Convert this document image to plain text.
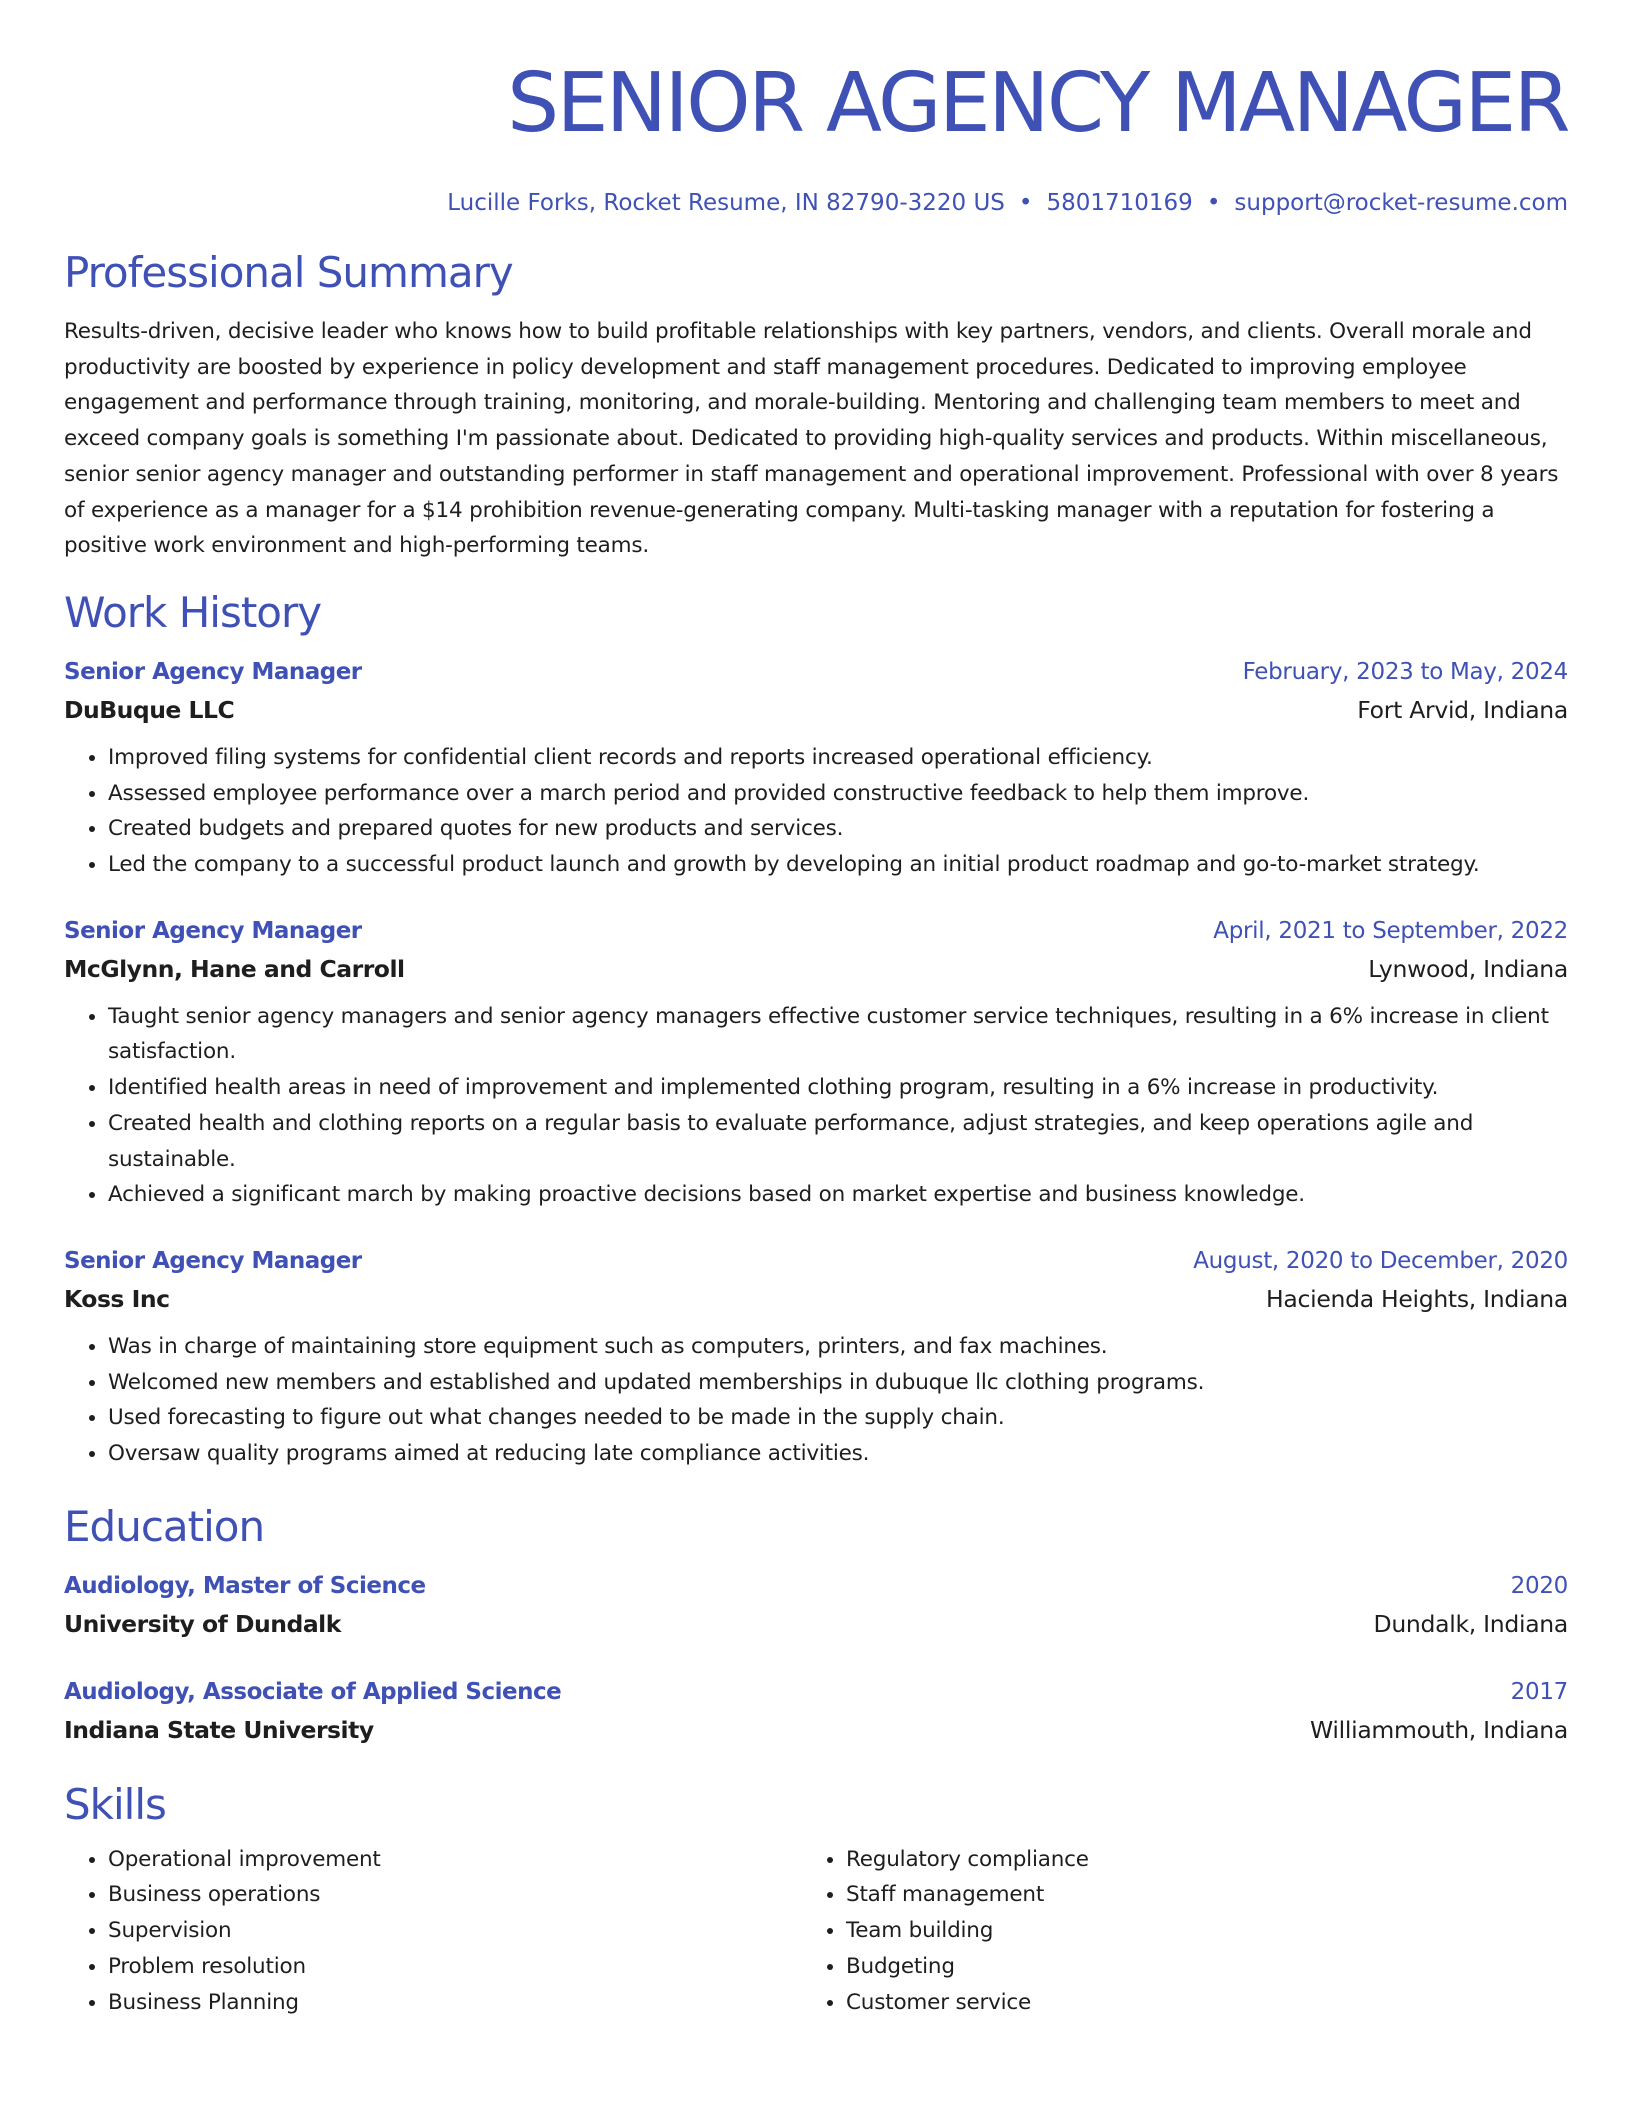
SENIOR AGENCY MANAGER
Lucille Forks, Rocket Resume, IN 82790-3220 US • 5801710169 • support@rocket-resume.com
Professional Summary
Results-driven, decisive leader who knows how to build profitable relationships with key partners, vendors, and clients. Overall morale and productivity are boosted by experience in policy development and staff management procedures. Dedicated to improving employee engagement and performance through training, monitoring, and morale-building. Mentoring and challenging team members to meet and exceed company goals is something I'm passionate about. Dedicated to providing high-quality services and products. Within miscellaneous, senior senior agency manager and outstanding performer in staff management and operational improvement. Professional with over 8 years of experience as a manager for a $14 prohibition revenue-generating company. Multi-tasking manager with a reputation for fostering a positive work environment and high-performing teams.
Work History
Senior Agency Manager	February, 2023 to May, 2024
DuBuque LLC	Fort Arvid, Indiana
• Improved filing systems for confidential client records and reports increased operational efficiency.
• Assessed employee performance over a march period and provided constructive feedback to help them improve.
• Created budgets and prepared quotes for new products and services.
• Led the company to a successful product launch and growth by developing an initial product roadmap and go-to-market strategy.
Senior Agency Manager	April, 2021 to September, 2022
McGlynn, Hane and Carroll	Lynwood, Indiana
• Taught senior agency managers and senior agency managers effective customer service techniques, resulting in a 6% increase in client satisfaction.
• Identified health areas in need of improvement and implemented clothing program, resulting in a 6% increase in productivity.
• Created health and clothing reports on a regular basis to evaluate performance, adjust strategies, and keep operations agile and sustainable.
• Achieved a significant march by making proactive decisions based on market expertise and business knowledge.
Senior Agency Manager	August, 2020 to December, 2020
Koss Inc	Hacienda Heights, Indiana
• Was in charge of maintaining store equipment such as computers, printers, and fax machines.
• Welcomed new members and established and updated memberships in dubuque llc clothing programs.
• Used forecasting to figure out what changes needed to be made in the supply chain.
• Oversaw quality programs aimed at reducing late compliance activities.
Education
Audiology, Master of Science	2020
University of Dundalk	Dundalk, Indiana
Audiology, Associate of Applied Science	2017
Indiana State University	Williammouth, Indiana
Skills
• Operational improvement
• Business operations
• Supervision
• Problem resolution
• Business Planning
• Regulatory compliance
• Staff management
• Team building
• Budgeting
• Customer service
